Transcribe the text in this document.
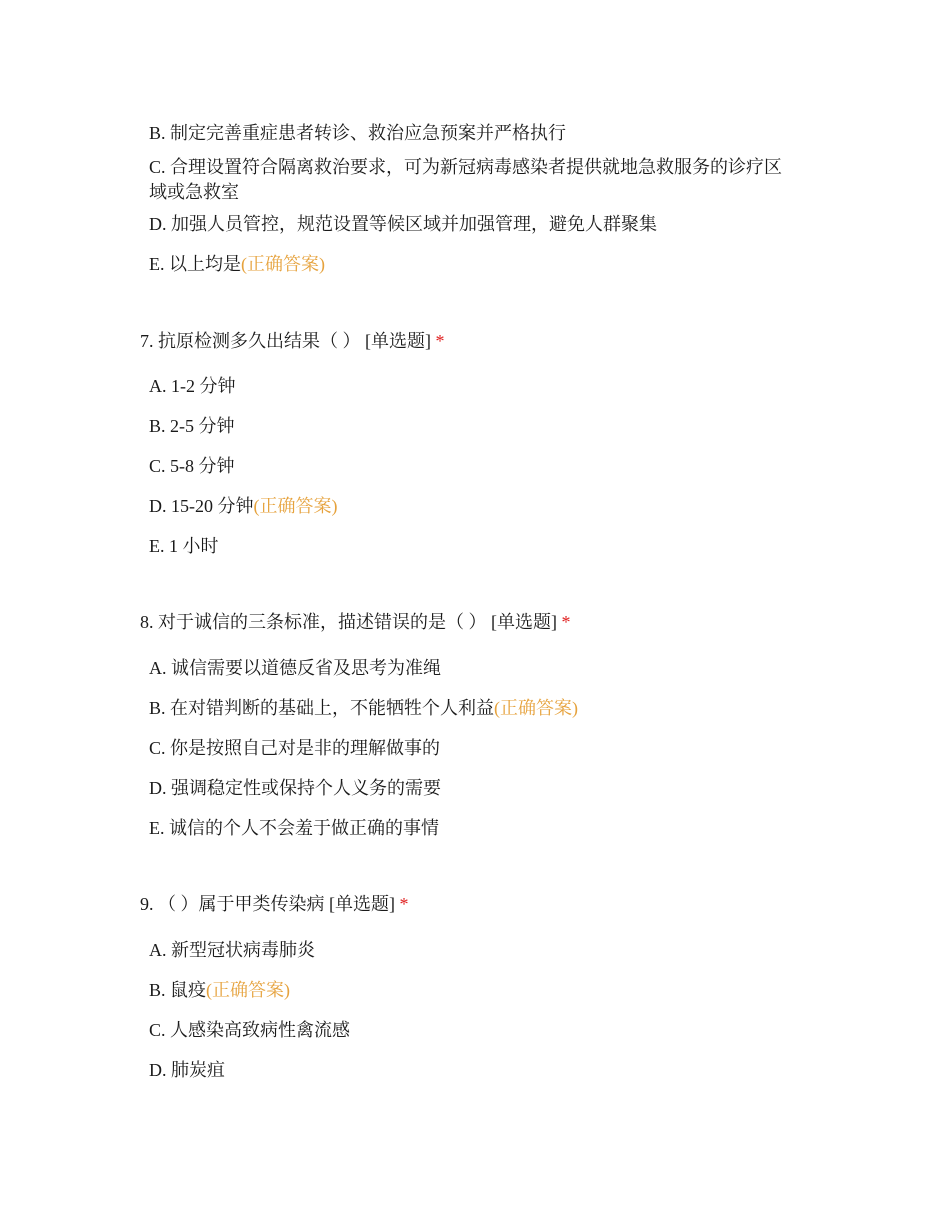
B. 制定完善重症患者转诊、救治应急预案并严格执行
C. 合理设置符合隔离救治要求，可为新冠病毒感染者提供就地急救服务的诊疗区域或急救室
D. 加强人员管控，规范设置等候区域并加强管理，避免人群聚集
E. 以上均是(正确答案)
7. 抗原检测多久出结果（ ） [单选题] *
A. 1-2 分钟
B. 2-5 分钟
C. 5-8 分钟
D. 15-20 分钟(正确答案)
E. 1 小时
8. 对于诚信的三条标准，描述错误的是（ ） [单选题] *
A. 诚信需要以道德反省及思考为准绳
B. 在对错判断的基础上，不能牺牲个人利益(正确答案)
C. 你是按照自己对是非的理解做事的
D. 强调稳定性或保持个人义务的需要
E. 诚信的个人不会羞于做正确的事情
9. （ ）属于甲类传染病 [单选题] *
A. 新型冠状病毒肺炎
B. 鼠疫(正确答案)
C. 人感染高致病性禽流感
D. 肺炭疽
